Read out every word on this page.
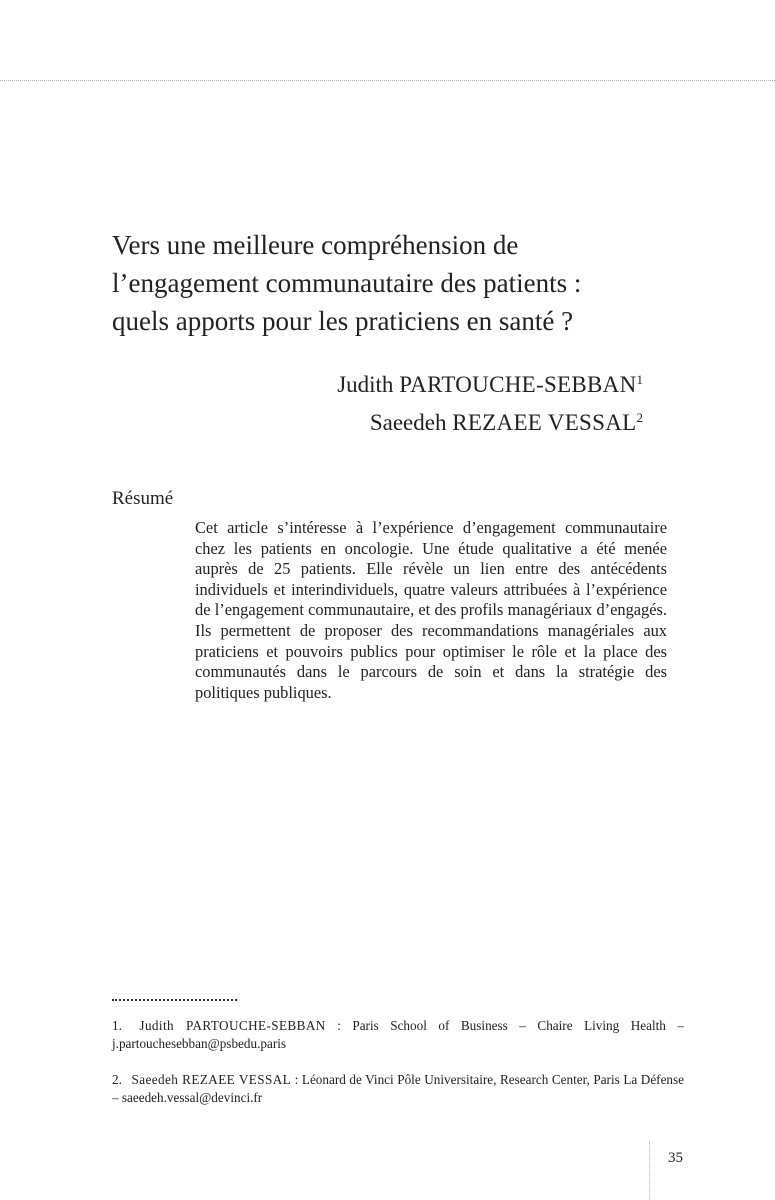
Vers une meilleure compréhension de
l’engagement communautaire des patients :
quels apports pour les praticiens en santé ?
Judith PARTOUCHE-SEBBAN$^1$
Saeedeh REZAEE VESSAL$^2$
Résumé

Cet article s’intéresse à l’expérience d’engagement communautaire chez les patients en oncologie. Une étude qualitative a été menée auprès de 25 patients. Elle révèle un lien entre des antécédents individuels et interindividuels, quatre valeurs attribuées à l’expérience de l’engagement communautaire, et des profils managériaux d’engagés. Ils permettent de proposer des recommandations managériales aux praticiens et pouvoirs publics pour optimiser le rôle et la place des communautés dans le parcours de soin et dans la stratégie des politiques publiques.

1. Judith PARTOUCHE-SEBBAN : Paris School of Business – Chaire Living Health – j.partouchesebban@psbedu.paris
2. Saeedeh REZAEE VESSAL : Léonard de Vinci Pôle Universitaire, Research Center, Paris La Défense – saeedeh.vessal@devinci.fr
35
